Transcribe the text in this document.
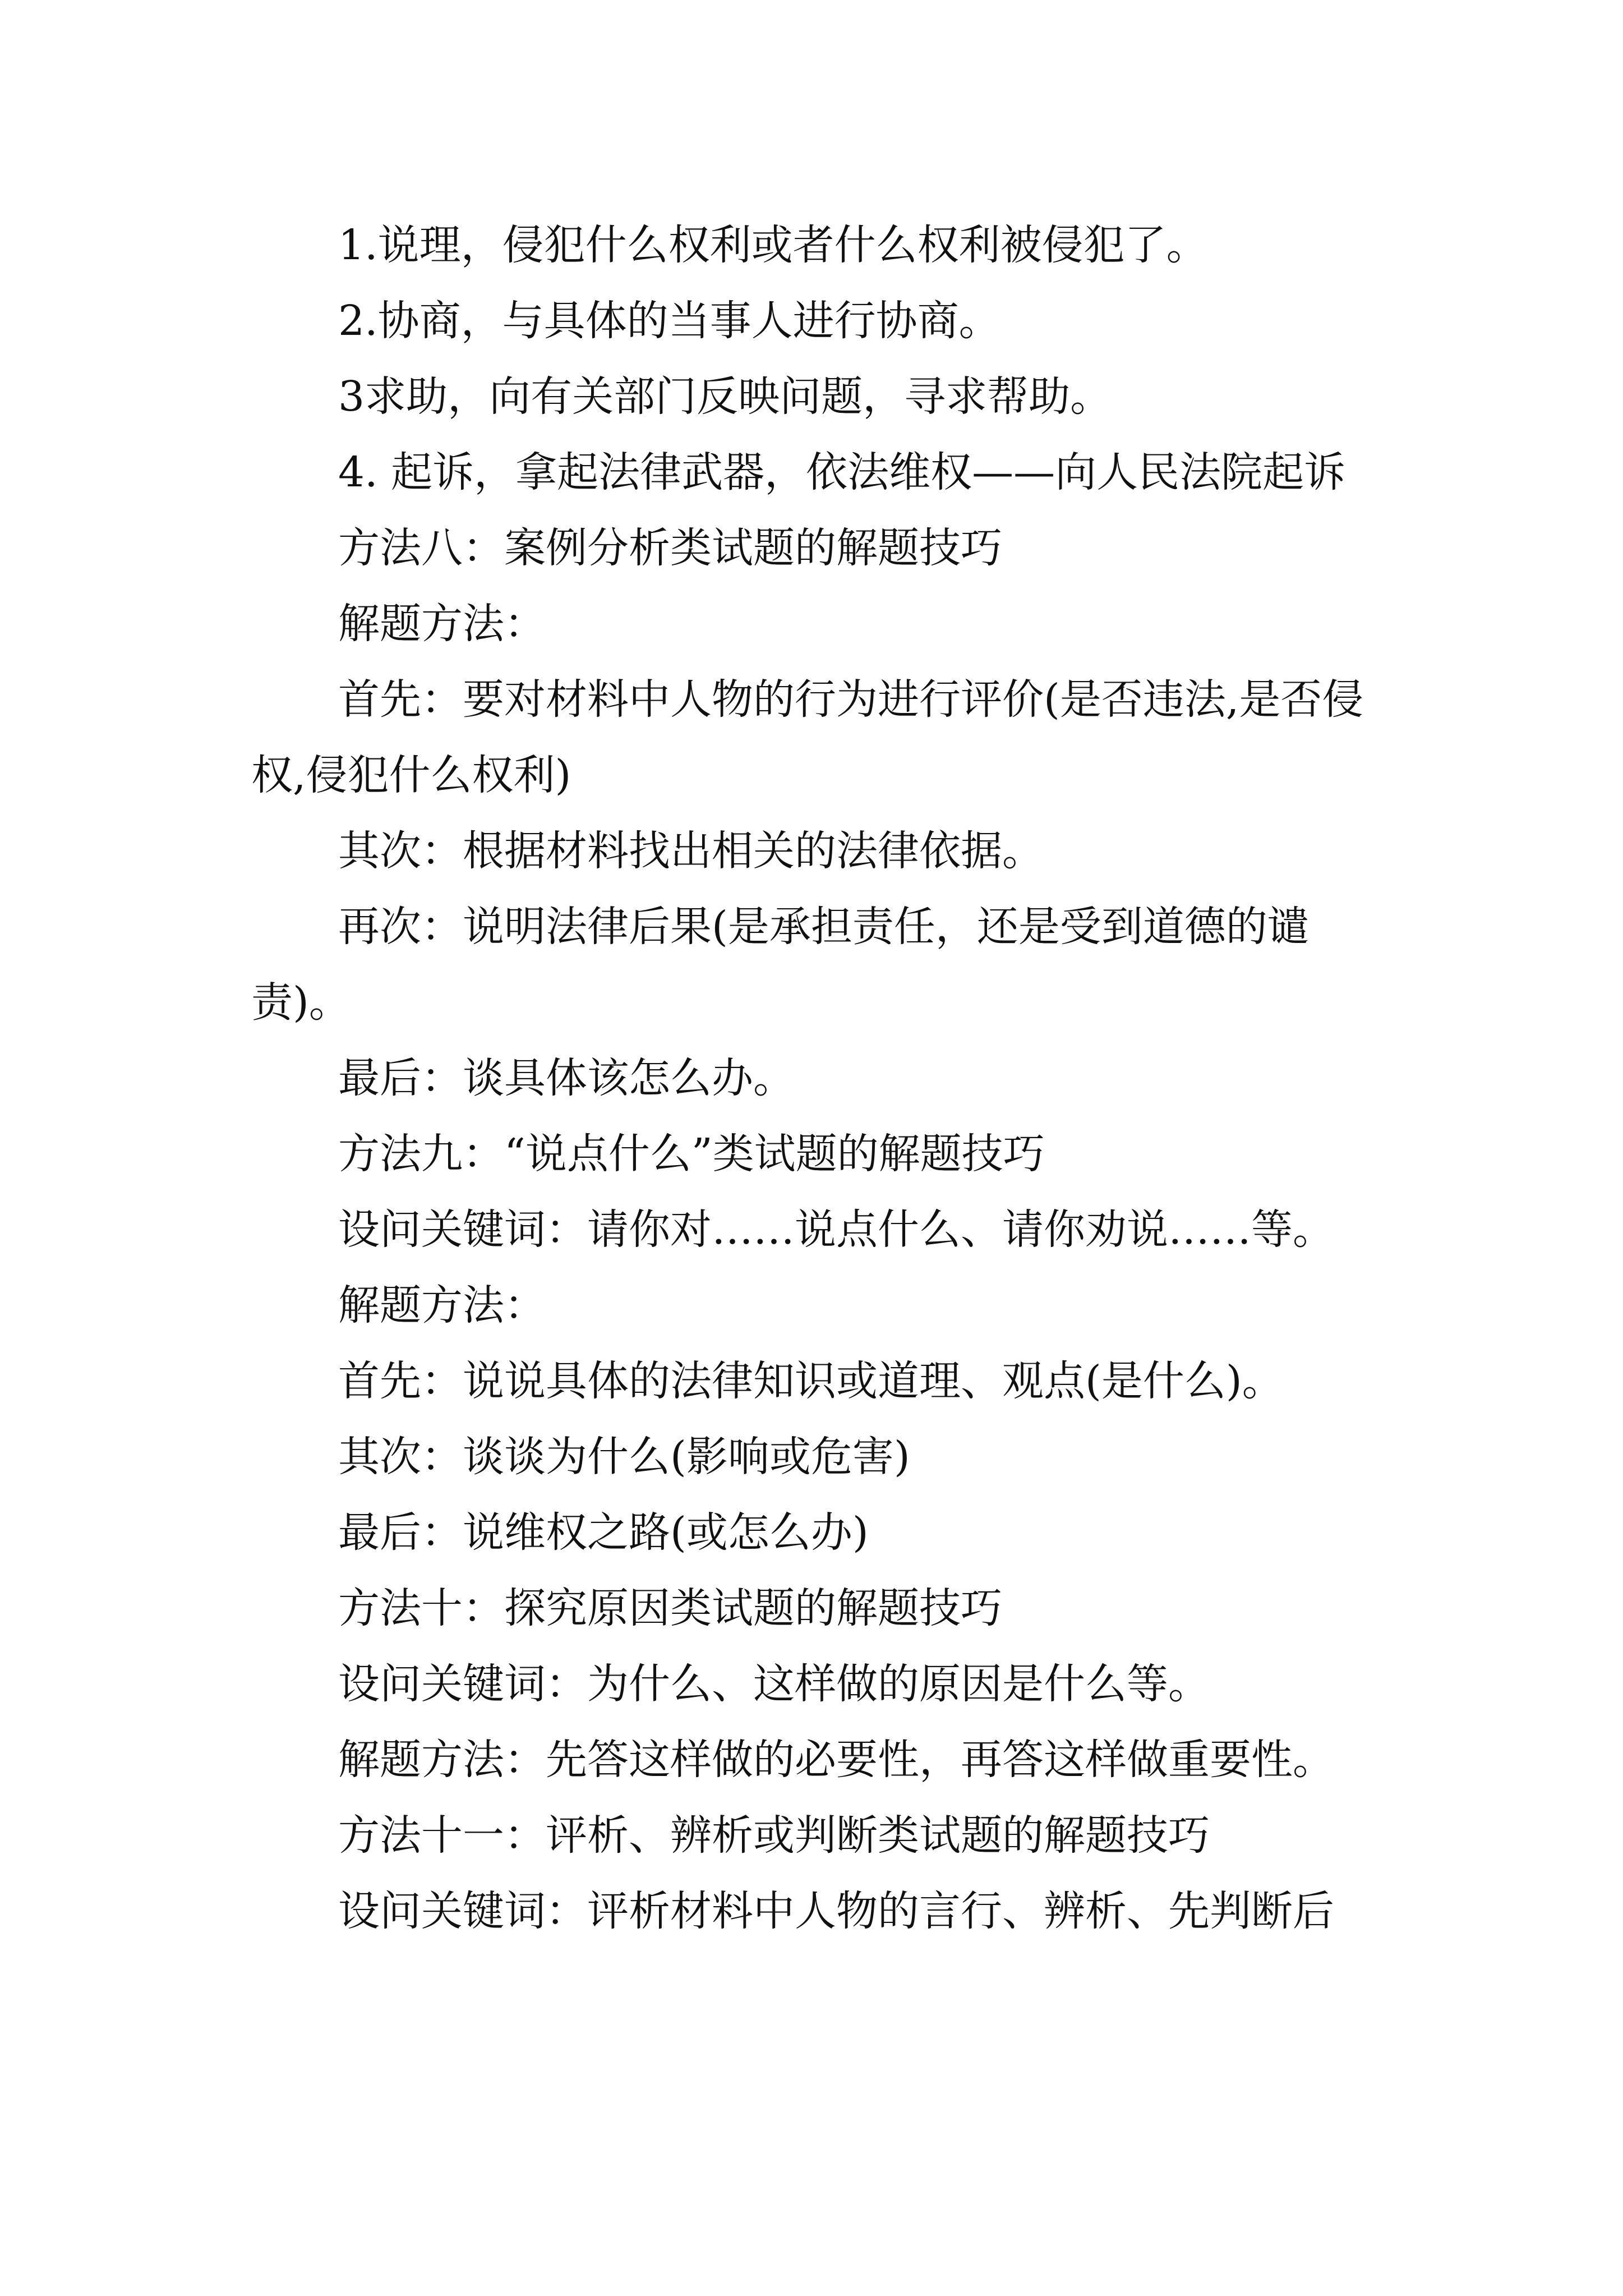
1.说理，侵犯什么权利或者什么权利被侵犯了。

2.协商，与具体的当事人进行协商。

3求助，向有关部门反映问题，寻求帮助。

4. 起诉，拿起法律武器，依法维权——向人民法院起诉

方法八：案例分析类试题的解题技巧

解题方法：

首先：要对材料中人物的行为进行评价(是否违法,是否侵权,侵犯什么权利)

其次：根据材料找出相关的法律依据。

再次：说明法律后果(是承担责任，还是受到道德的谴责)。

最后：谈具体该怎么办。

方法九：“说点什么”类试题的解题技巧

设问关键词：请你对……说点什么、请你劝说……等。

解题方法：

首先：说说具体的法律知识或道理、观点(是什么)。

其次：谈谈为什么(影响或危害)

最后：说维权之路(或怎么办)

方法十：探究原因类试题的解题技巧

设问关键词：为什么、这样做的原因是什么等。

解题方法：先答这样做的必要性，再答这样做重要性。

方法十一：评析、辨析或判断类试题的解题技巧

设问关键词：评析材料中人物的言行、辨析、先判断后
